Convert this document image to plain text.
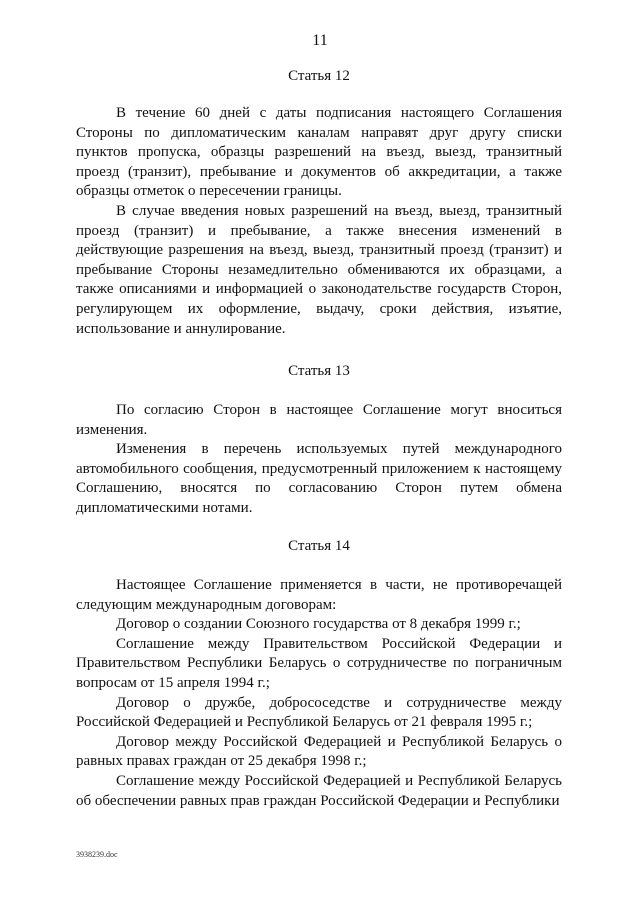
11

Статья 12

В течение 60 дней с даты подписания настоящего Соглашения Стороны по дипломатическим каналам направят друг другу списки пунктов пропуска, образцы разрешений на въезд, выезд, транзитный проезд (транзит), пребывание и документов об аккредитации, а также образцы отметок о пересечении границы.

В случае введения новых разрешений на въезд, выезд, транзитный проезд (транзит) и пребывание, а также внесения изменений в действующие разрешения на въезд, выезд, транзитный проезд (транзит) и пребывание Стороны незамедлительно обмениваются их образцами, а также описаниями и информацией о законодательстве государств Сторон, регулирующем их оформление, выдачу, сроки действия, изъятие, использование и аннулирование.

Статья 13

По согласию Сторон в настоящее Соглашение могут вноситься изменения.

Изменения в перечень используемых путей международного автомобильного сообщения, предусмотренный приложением к настоящему Соглашению, вносятся по согласованию Сторон путем обмена дипломатическими нотами.

Статья 14

Настоящее Соглашение применяется в части, не противоречащей следующим международным договорам:

Договор о создании Союзного государства от 8 декабря 1999 г.;

Соглашение между Правительством Российской Федерации и Правительством Республики Беларусь о сотрудничестве по пограничным вопросам от 15 апреля 1994 г.;

Договор о дружбе, добрососедстве и сотрудничестве между Российской Федерацией и Республикой Беларусь от 21 февраля 1995 г.;

Договор между Российской Федерацией и Республикой Беларусь о равных правах граждан от 25 декабря 1998 г.;

Соглашение между Российской Федерацией и Республикой Беларусь об обеспечении равных прав граждан Российской Федерации и Республики

3938239.doc
